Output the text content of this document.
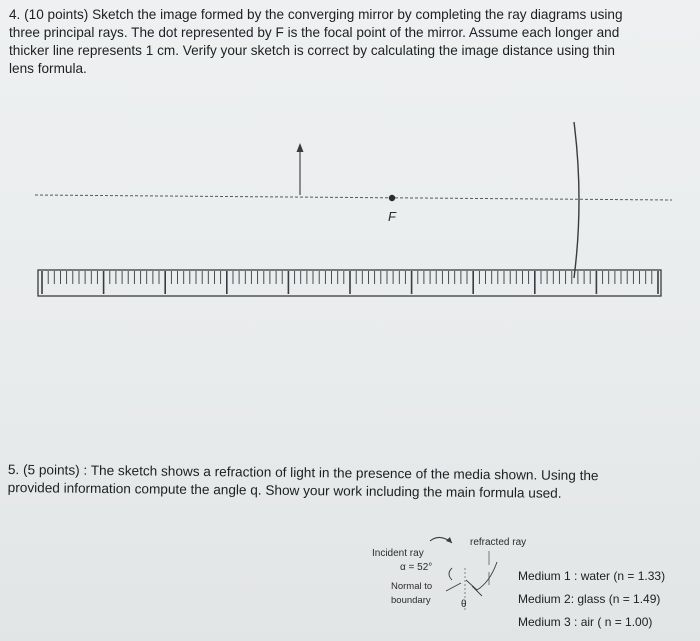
4. (10 points) Sketch the image formed by the converging mirror by completing the ray diagrams using
three principal rays. The dot represented by F is the focal point of the mirror. Assume each longer and
thicker line represents 1 cm. Verify your sketch is correct by calculating the image distance using thin
lens formula.
F
refracted ray
Incident ray
α = 52°
Normal to
boundary	θ
5. (5 points) : The sketch shows a refraction of light in the presence of the media shown. Using the
provided information compute the angle q. Show your work including the main formula used.
Medium 1 : water (n = 1.33)
Medium 2: glass (n = 1.49)
Medium 3 : air ( n = 1.00)
